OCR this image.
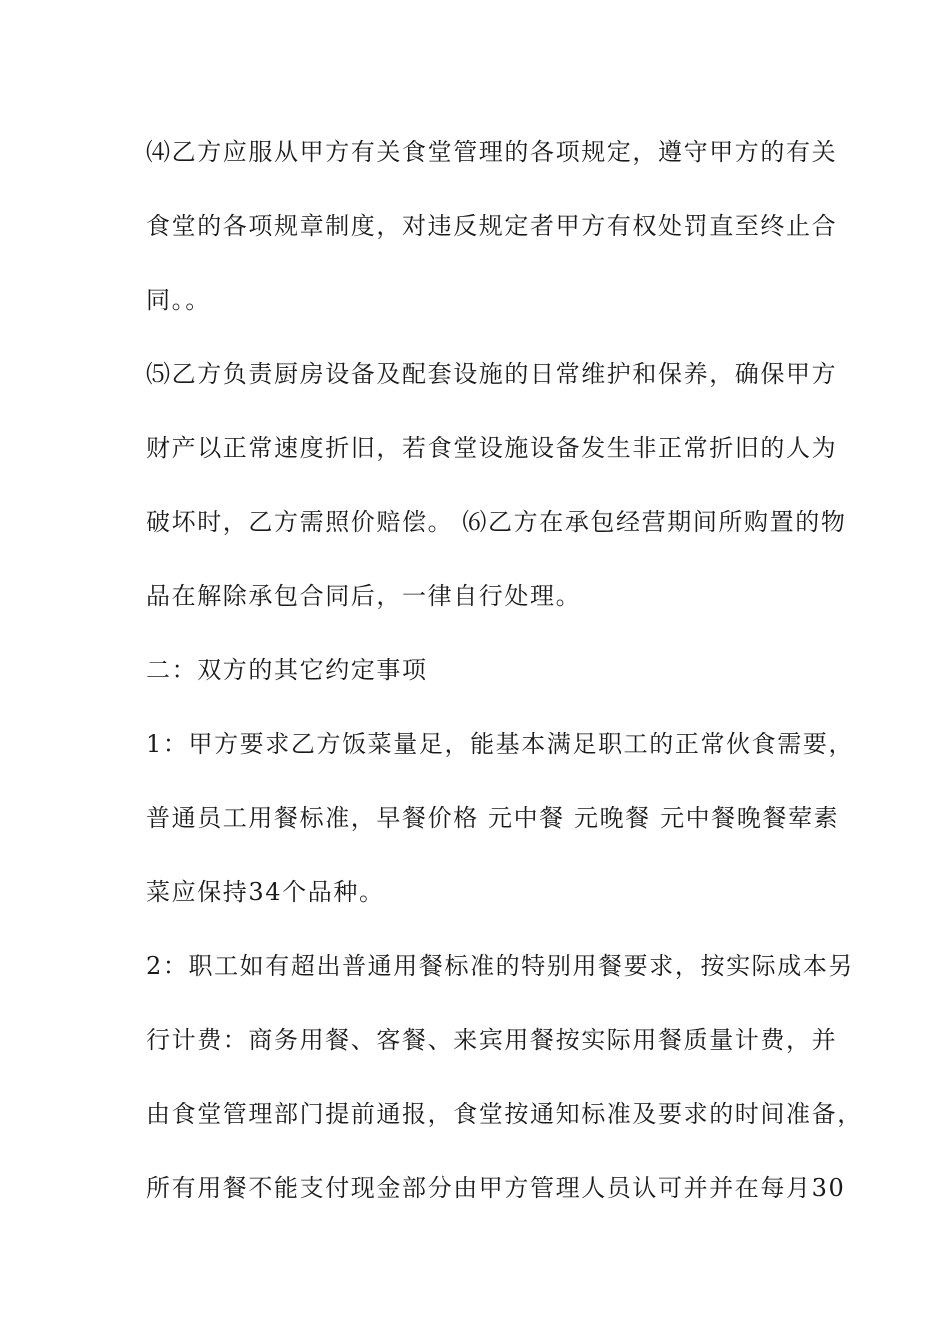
⑷乙方应服从甲方有关食堂管理的各项规定，遵守甲方的有关
食堂的各项规章制度，对违反规定者甲方有权处罚直至终止合
同。。
⑸乙方负责厨房设备及配套设施的日常维护和保养，确保甲方
财产以正常速度折旧，若食堂设施设备发生非正常折旧的人为
破坏时，乙方需照价赔偿。 ⑹乙方在承包经营期间所购置的物
品在解除承包合同后，一律自行处理。
二：双方的其它约定事项
1：甲方要求乙方饭菜量足，能基本满足职工的正常伙食需要，
普通员工用餐标准，早餐价格 元中餐 元晚餐 元中餐晚餐荤素
菜应保持34个品种。
2：职工如有超出普通用餐标准的特别用餐要求，按实际成本另
行计费：商务用餐、客餐、来宾用餐按实际用餐质量计费，并
由食堂管理部门提前通报，食堂按通知标准及要求的时间准备，
所有用餐不能支付现金部分由甲方管理人员认可并并在每月30
